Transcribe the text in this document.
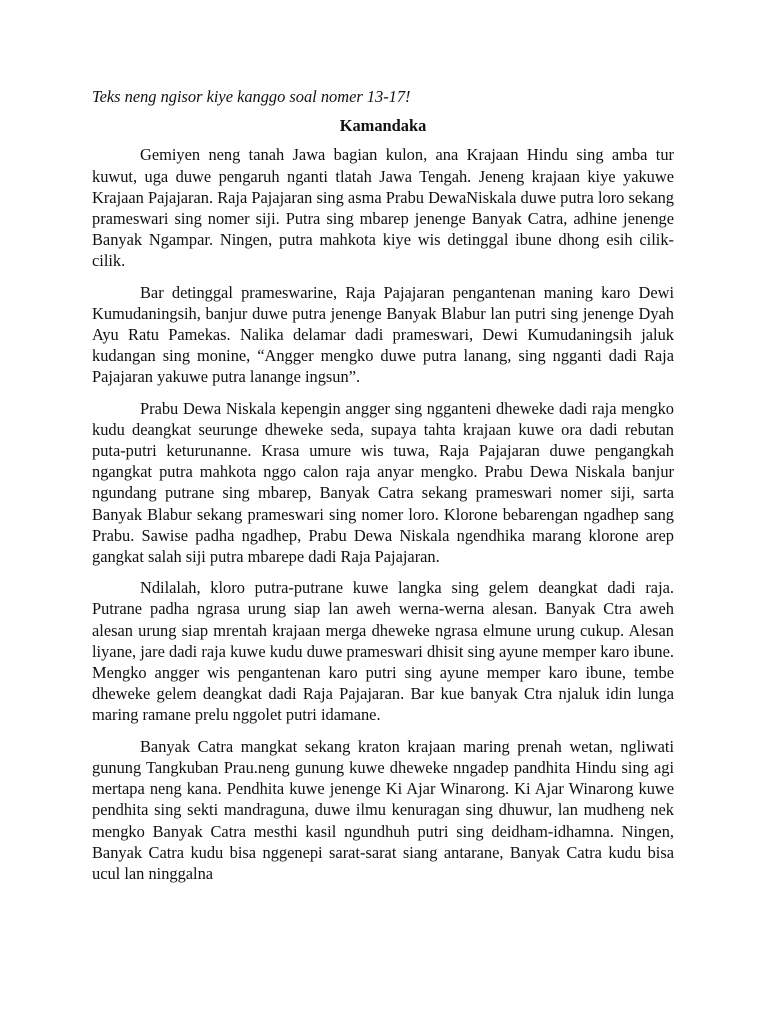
Teks neng ngisor kiye kanggo soal nomer 13-17!

Kamandaka

Gemiyen neng tanah Jawa bagian kulon, ana Krajaan Hindu sing amba tur kuwut, uga duwe pengaruh nganti tlatah Jawa Tengah. Jeneng krajaan kiye yakuwe Krajaan Pajajaran. Raja Pajajaran sing asma Prabu DewaNiskala duwe putra loro sekang prameswari sing nomer siji. Putra sing mbarep jenenge Banyak Catra, adhine jenenge Banyak Ngampar. Ningen, putra mahkota kiye wis detinggal ibune dhong esih cilik-cilik.

Bar detinggal prameswarine, Raja Pajajaran pengantenan maning karo Dewi Kumudaningsih, banjur duwe putra jenenge Banyak Blabur lan putri sing jenenge Dyah Ayu Ratu Pamekas. Nalika delamar dadi prameswari, Dewi Kumudaningsih jaluk kudangan sing monine, “Angger mengko duwe putra lanang, sing ngganti dadi Raja Pajajaran yakuwe putra lanange ingsun”.

Prabu Dewa Niskala kepengin angger sing ngganteni dheweke dadi raja mengko kudu deangkat seurunge dheweke seda, supaya tahta krajaan kuwe ora dadi rebutan puta-putri keturunanne. Krasa umure wis tuwa, Raja Pajajaran duwe pengangkah ngangkat putra mahkota nggo calon raja anyar mengko. Prabu Dewa Niskala banjur ngundang putrane sing mbarep, Banyak Catra sekang prameswari nomer siji, sarta Banyak Blabur sekang prameswari sing nomer loro. Klorone bebarengan ngadhep sang Prabu. Sawise padha ngadhep, Prabu Dewa Niskala ngendhika marang klorone arep gangkat salah siji putra mbarepe dadi Raja Pajajaran.

Ndilalah, kloro putra-putrane kuwe langka sing gelem deangkat dadi raja. Putrane padha ngrasa urung siap lan aweh werna-werna alesan. Banyak Ctra aweh alesan urung siap mrentah krajaan merga dheweke ngrasa elmune urung cukup. Alesan liyane, jare dadi raja kuwe kudu duwe prameswari dhisit sing ayune memper karo ibune. Mengko angger wis pengantenan karo putri sing ayune memper karo ibune, tembe dheweke gelem deangkat dadi Raja Pajajaran. Bar kue banyak Ctra njaluk idin lunga maring ramane prelu nggolet putri idamane.

Banyak Catra mangkat sekang kraton krajaan maring prenah wetan, ngliwati gunung Tangkuban Prau.neng gunung kuwe dheweke nngadep pandhita Hindu sing agi mertapa neng kana. Pendhita kuwe jenenge Ki Ajar Winarong. Ki Ajar Winarong kuwe pendhita sing sekti mandraguna, duwe ilmu kenuragan sing dhuwur, lan mudheng nek mengko Banyak Catra mesthi kasil ngundhuh putri sing deidham-idhamna. Ningen, Banyak Catra kudu bisa nggenepi sarat-sarat siang antarane, Banyak Catra kudu bisa ucul lan ninggalna
